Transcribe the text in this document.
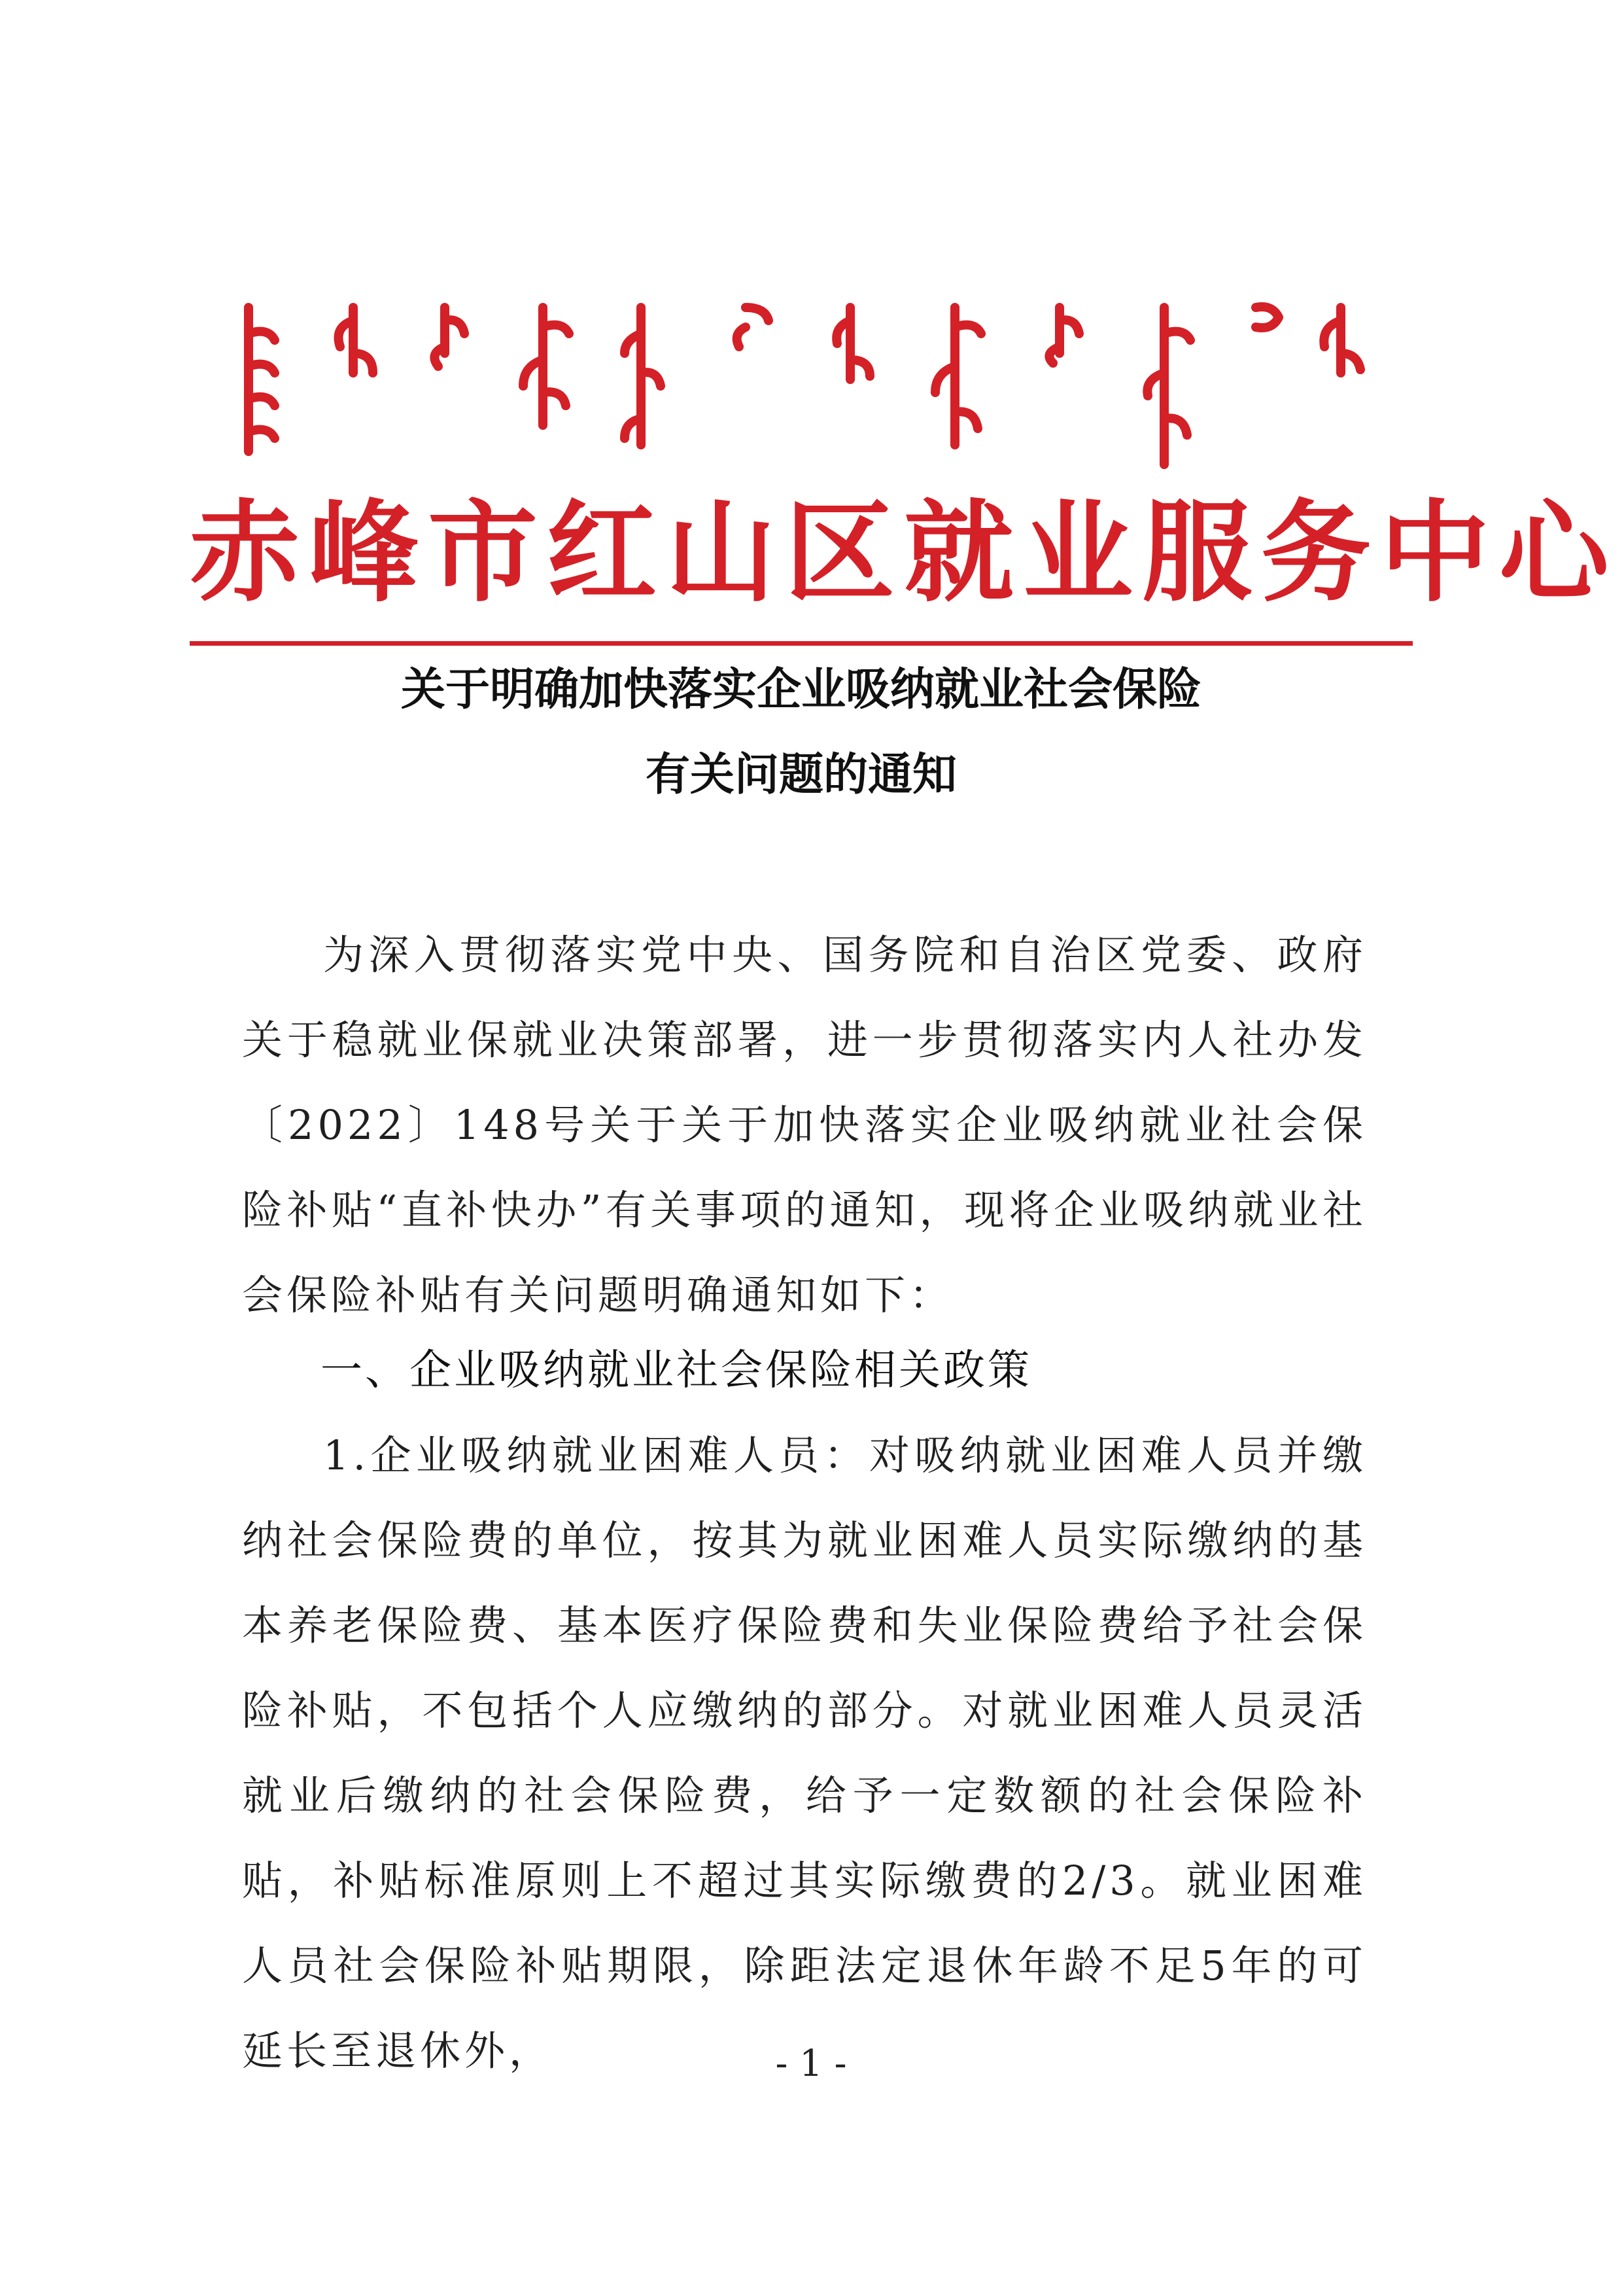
赤峰市红山区就业服务中心
关于明确加快落实企业吸纳就业社会保险
有关问题的通知
为深入贯彻落实党中央、国务院和自治区党委、政府关于稳就业保就业决策部署，进一步贯彻落实内人社办发〔2022〕148号关于关于加快落实企业吸纳就业社会保险补贴“直补快办”有关事项的通知，现将企业吸纳就业社会保险补贴有关问题明确通知如下：
一、企业吸纳就业社会保险相关政策
1.企业吸纳就业困难人员：对吸纳就业困难人员并缴纳社会保险费的单位，按其为就业困难人员实际缴纳的基本养老保险费、基本医疗保险费和失业保险费给予社会保险补贴，不包括个人应缴纳的部分。对就业困难人员灵活就业后缴纳的社会保险费，给予一定数额的社会保险补贴，补贴标准原则上不超过其实际缴费的2/3。就业困难人员社会保险补贴期限，除距法定退休年龄不足5年的可延长至退休外，	- 1 -
